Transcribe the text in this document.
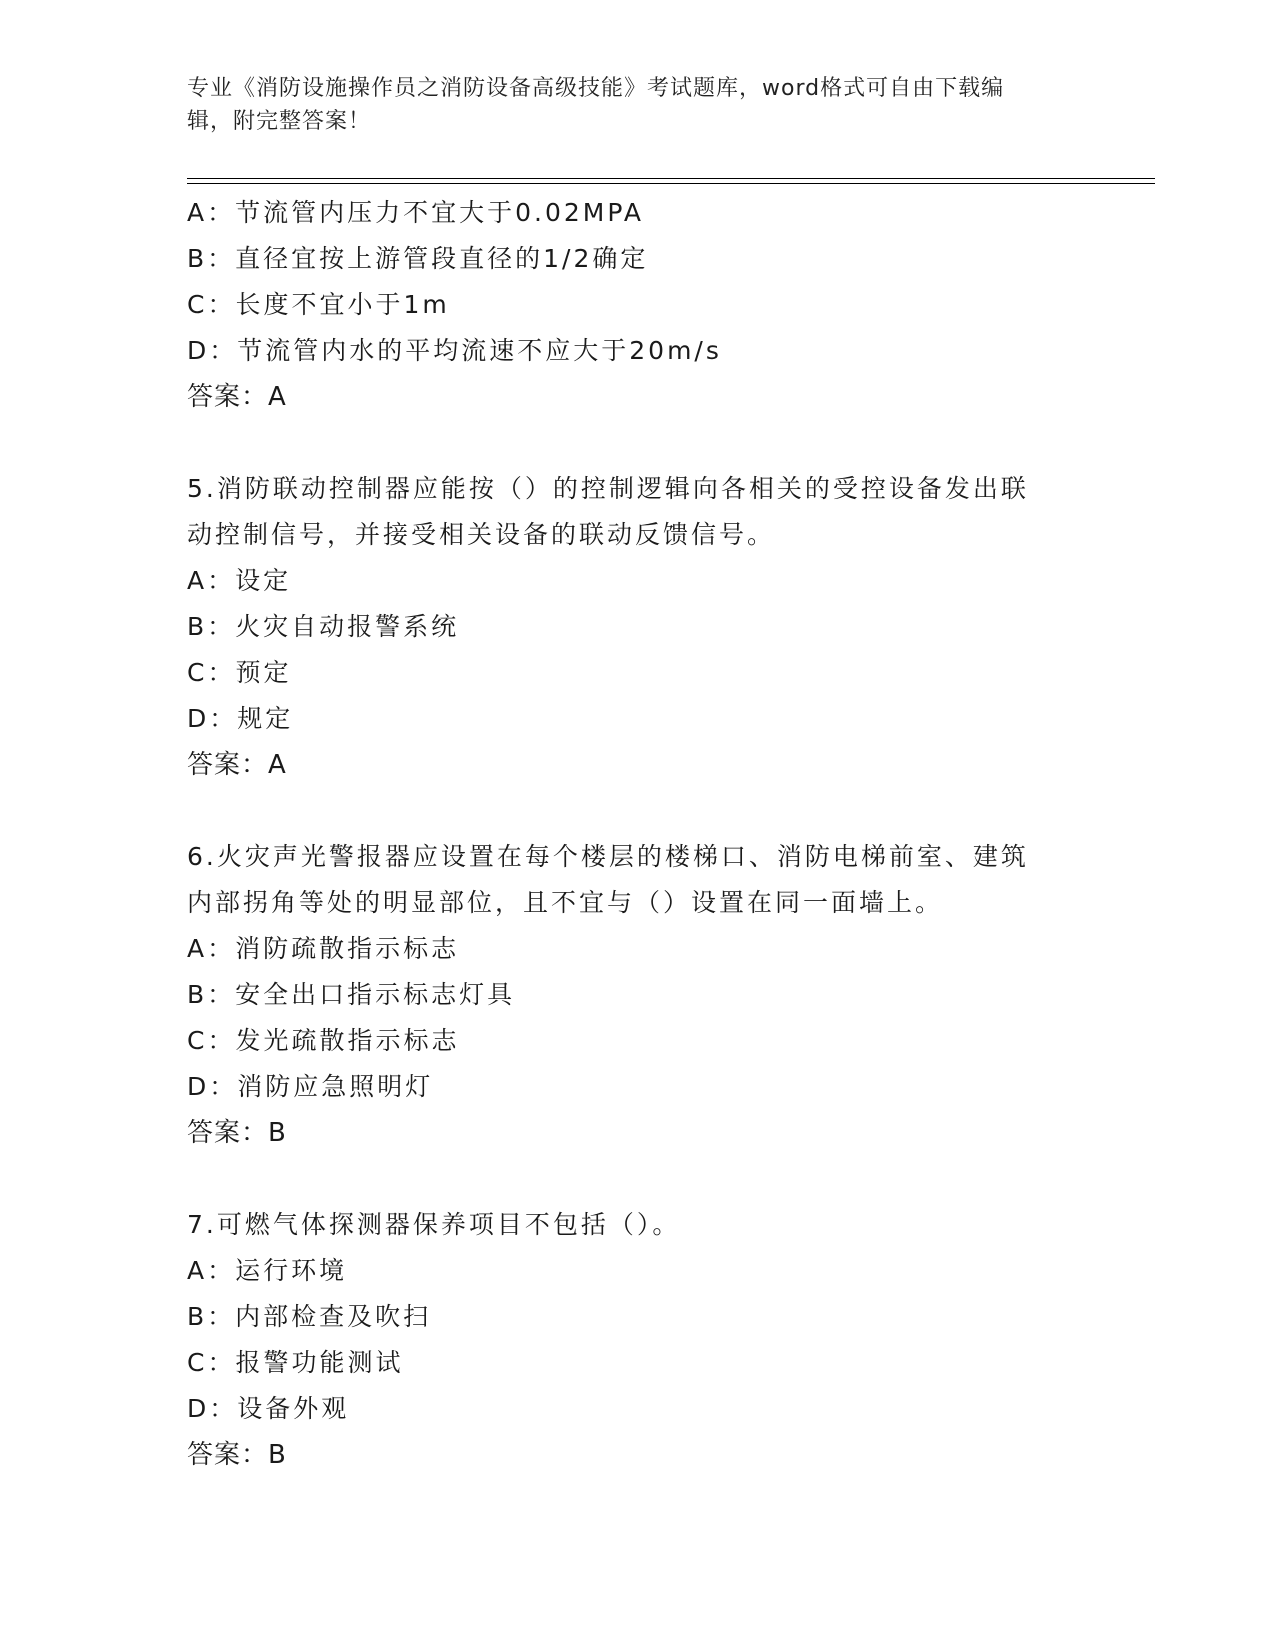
专业《消防设施操作员之消防设备高级技能》考试题库，word格式可自由下载编
辑，附完整答案！
A：节流管内压力不宜大于0.02MPA
B：直径宜按上游管段直径的1/2确定
C：长度不宜小于1m
D：节流管内水的平均流速不应大于20m/s
答案：A
5.消防联动控制器应能按（）的控制逻辑向各相关的受控设备发出联
动控制信号，并接受相关设备的联动反馈信号。
A：设定
B：火灾自动报警系统
C：预定
D：规定
答案：A
6.火灾声光警报器应设置在每个楼层的楼梯口、消防电梯前室、建筑
内部拐角等处的明显部位，且不宜与（）设置在同一面墙上。
A：消防疏散指示标志
B：安全出口指示标志灯具
C：发光疏散指示标志
D：消防应急照明灯
答案：B
7.可燃气体探测器保养项目不包括（）。
A：运行环境
B：内部检查及吹扫
C：报警功能测试
D：设备外观
答案：B
